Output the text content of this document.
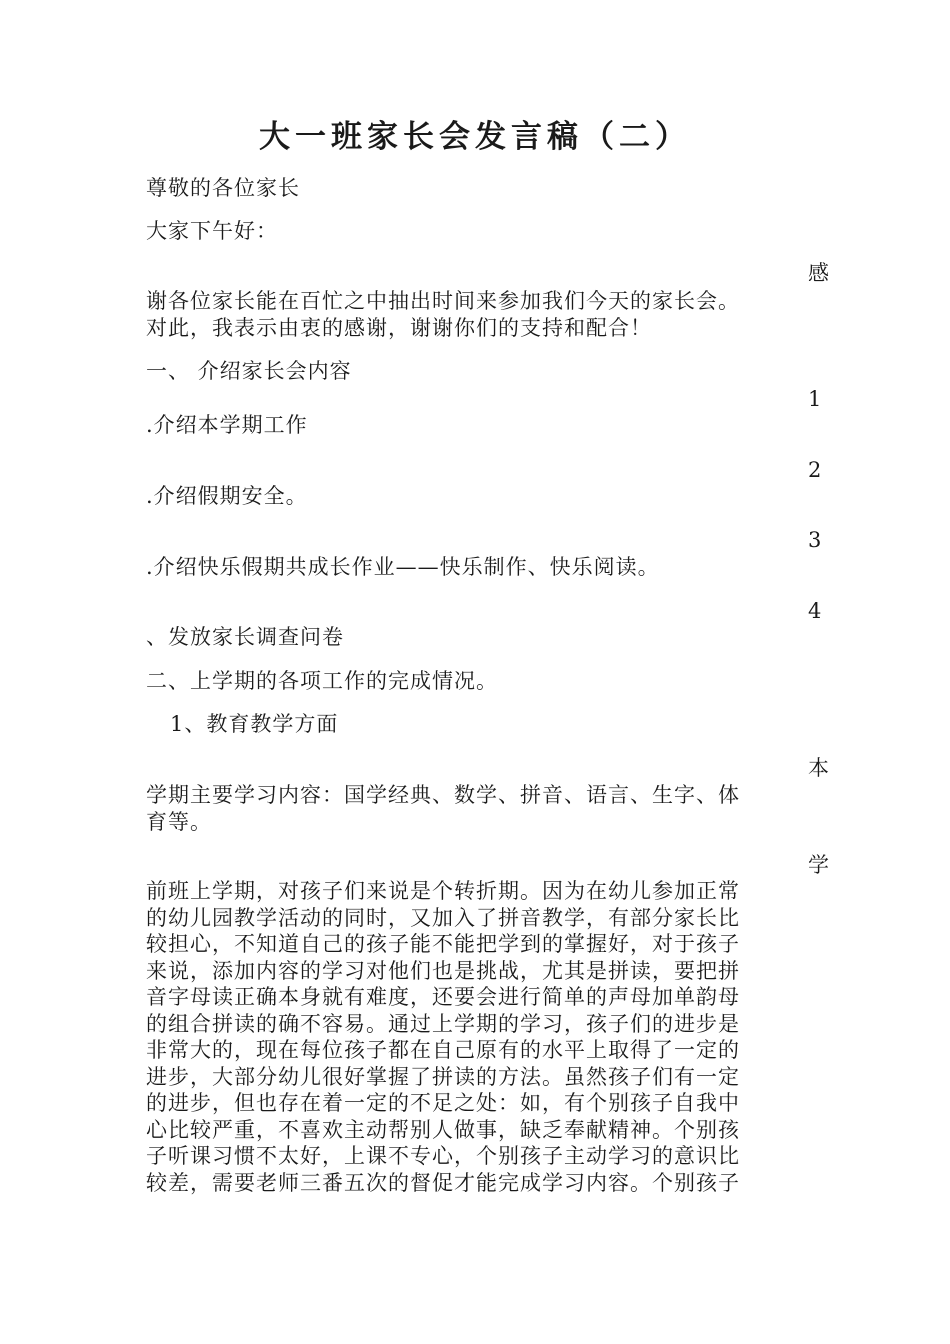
大一班家长会发言稿（二）

尊敬的各位家长

大家下午好：

感

谢各位家长能在百忙之中抽出时间来参加我们今天的家长会。
对此，我表示由衷的感谢，谢谢你们的支持和配合！

一、 介绍家长会内容

1

.介绍本学期工作

2

.介绍假期安全。

3

.介绍快乐假期共成长作业——快乐制作、快乐阅读。

4

、发放家长调查问卷

二、上学期的各项工作的完成情况。

1、教育教学方面

本

学期主要学习内容：国学经典、数学、拼音、语言、生字、体
育等。

学

前班上学期，对孩子们来说是个转折期。因为在幼儿参加正常
的幼儿园教学活动的同时，又加入了拼音教学，有部分家长比
较担心，不知道自己的孩子能不能把学到的掌握好，对于孩子
来说，添加内容的学习对他们也是挑战，尤其是拼读，要把拼
音字母读正确本身就有难度，还要会进行简单的声母加单韵母
的组合拼读的确不容易。通过上学期的学习，孩子们的进步是
非常大的，现在每位孩子都在自己原有的水平上取得了一定的
进步，大部分幼儿很好掌握了拼读的方法。虽然孩子们有一定
的进步，但也存在着一定的不足之处：如，有个别孩子自我中
心比较严重，不喜欢主动帮别人做事，缺乏奉献精神。个别孩
子听课习惯不太好，上课不专心，个别孩子主动学习的意识比
较差，需要老师三番五次的督促才能完成学习内容。个别孩子
